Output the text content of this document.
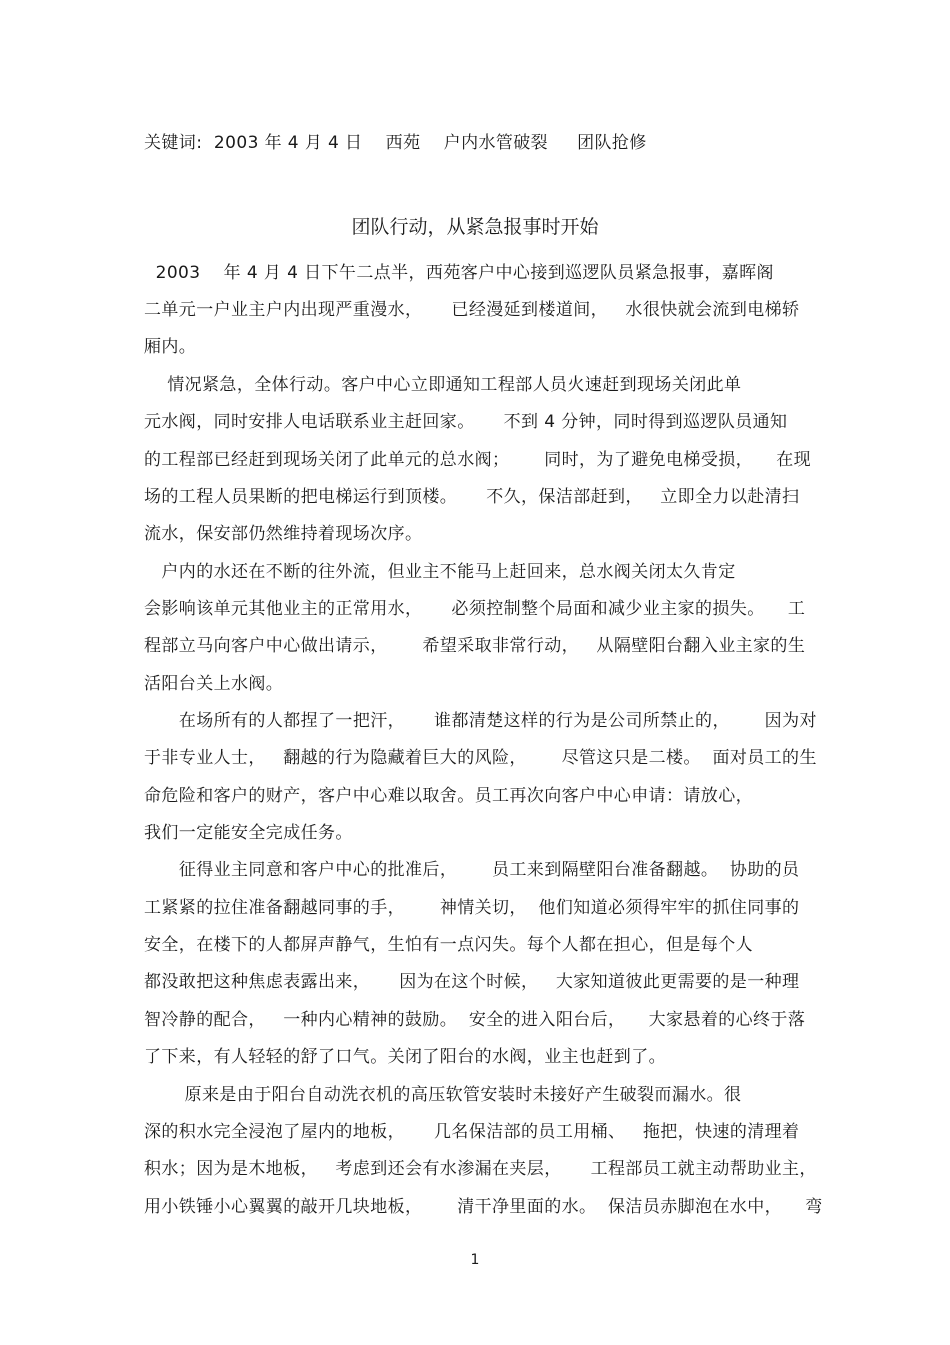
关键词:  2003 年 4 月 4 日    西苑    户内水管破裂     团队抢修
团队行动，从紧急报事时开始
2003    年 4 月 4 日下午二点半，西苑客户中心接到巡逻队员紧急报事，嘉晖阁
二单元一户业主户内出现严重漫水，     已经漫延到楼道间，   水很快就会流到电梯轿
厢内。
情况紧急，全体行动。客户中心立即通知工程部人员火速赶到现场关闭此单
元水阀，同时安排人电话联系业主赶回家。     不到 4 分钟，同时得到巡逻队员通知
的工程部已经赶到现场关闭了此单元的总水阀；      同时，为了避免电梯受损，    在现
场的工程人员果断的把电梯运行到顶楼。     不久，保洁部赶到，   立即全力以赴清扫
流水，保安部仍然维持着现场次序。
户内的水还在不断的往外流，但业主不能马上赶回来，总水阀关闭太久肯定
会影响该单元其他业主的正常用水，     必须控制整个局面和减少业主家的损失。    工
程部立马向客户中心做出请示，      希望采取非常行动，   从隔壁阳台翻入业主家的生
活阳台关上水阀。
在场所有的人都捏了一把汗，     谁都清楚这样的行为是公司所禁止的，      因为对
于非专业人士，   翻越的行为隐藏着巨大的风险，      尽管这只是二楼。  面对员工的生
命危险和客户的财产，客户中心难以取舍。员工再次向客户中心申请：请放心，
我们一定能安全完成任务。
征得业主同意和客户中心的批准后，      员工来到隔壁阳台准备翻越。  协助的员
工紧紧的拉住准备翻越同事的手，      神情关切，  他们知道必须得牢牢的抓住同事的
安全，在楼下的人都屏声静气，生怕有一点闪失。每个人都在担心，但是每个人
都没敢把这种焦虑表露出来，     因为在这个时候，   大家知道彼此更需要的是一种理
智冷静的配合，   一种内心精神的鼓励。  安全的进入阳台后，    大家悬着的心终于落
了下来，有人轻轻的舒了口气。关闭了阳台的水阀，业主也赶到了。
原来是由于阳台自动洗衣机的高压软管安装时未接好产生破裂而漏水。很
深的积水完全浸泡了屋内的地板，     几名保洁部的员工用桶、   拖把，快速的清理着
积水；因为是木地板，   考虑到还会有水渗漏在夹层，     工程部员工就主动帮助业主，
用小铁锤小心翼翼的敲开几块地板，      清干净里面的水。  保洁员赤脚泡在水中，    弯
1
